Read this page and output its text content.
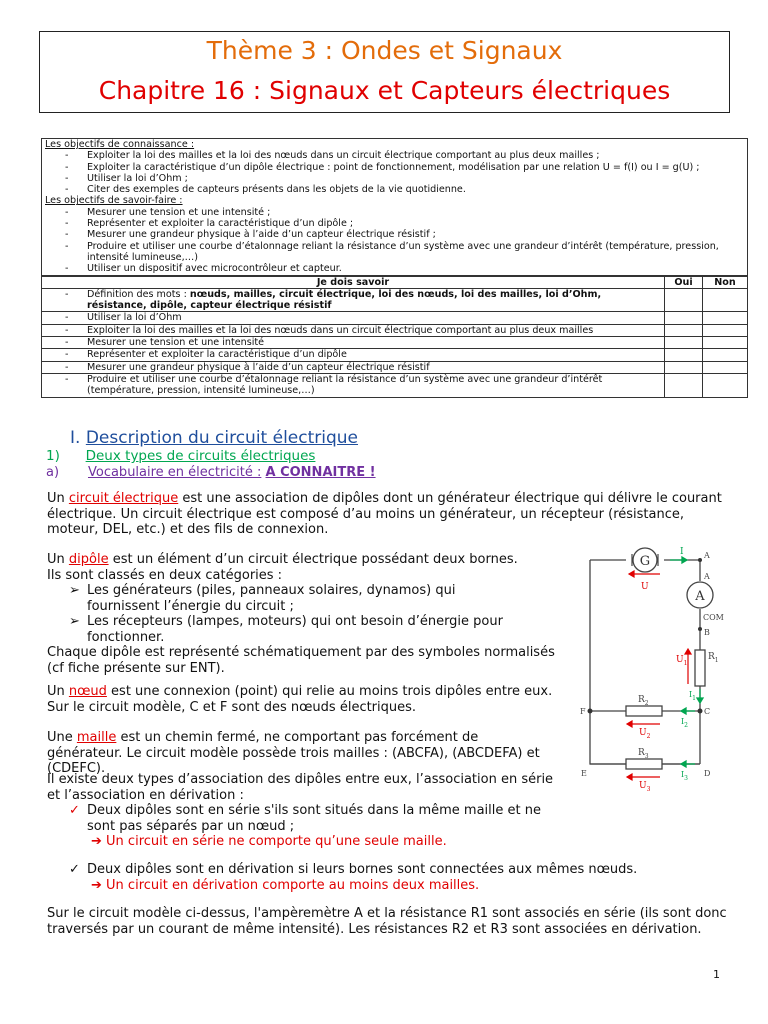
Thème 3 : Ondes et Signaux
Chapitre 16 : Signaux et Capteurs électriques
Les objectifs de connaissance :
-	Exploiter la loi des mailles et la loi des nœuds dans un circuit électrique comportant au plus deux mailles ;
-	Exploiter la caractéristique d’un dipôle électrique : point de fonctionnement, modélisation par une relation U = f(I) ou I = g(U) ;
-	Utiliser la loi d’Ohm ;
-	Citer des exemples de capteurs présents dans les objets de la vie quotidienne.
Les objectifs de savoir-faire :
-	Mesurer une tension et une intensité ;
-	Représenter et exploiter la caractéristique d’un dipôle ;
-	Mesurer une grandeur physique à l’aide d’un capteur électrique résistif ;
-	Produire et utiliser une courbe d’étalonnage reliant la résistance d’un système avec une grandeur d’intérêt (température, pression, intensité lumineuse,…)
-	Utiliser un dispositif avec microcontrôleur et capteur.
Je dois savoir	Oui	Non

- Définition des mots : nœuds, mailles, circuit électrique, loi des nœuds, loi des mailles, loi d’Ohm, résistance, dipôle, capteur électrique résistif		

- Utiliser la loi d’Ohm		

- Exploiter la loi des mailles et la loi des nœuds dans un circuit électrique comportant au plus deux mailles		

- Mesurer une tension et une intensité		

- Représenter et exploiter la caractéristique d’un dipôle		

- Mesurer une grandeur physique à l’aide d’un capteur électrique résistif		

- Produire et utiliser une courbe d’étalonnage reliant la résistance d’un système avec une grandeur d’intérêt (température, pression, intensité lumineuse,…)		

I. Description du circuit électrique
1) Deux types de circuits électriques
a) Vocabulaire en électricité : A CONNAITRE !
Un circuit électrique est une association de dipôles dont un générateur électrique qui délivre le courant électrique. Un circuit électrique est composé d’au moins un générateur, un récepteur (résistance, moteur, DEL, etc.) et des fils de connexion.
Un dipôle est un élément d’un circuit électrique possédant deux bornes.
Ils sont classés en deux catégories :
➢ Les générateurs (piles, panneaux solaires, dynamos) qui fournissent l’énergie du circuit ;
➢ Les récepteurs (lampes, moteurs) qui ont besoin d’énergie pour fonctionner.
Chaque dipôle est représenté schématiquement par des symboles normalisés (cf fiche présente sur ENT).
Un nœud est une connexion (point) qui relie au moins trois dipôles entre eux. Sur le circuit modèle, C et F sont des nœuds électriques.
Une maille est un chemin fermé, ne comportant pas forcément de générateur. Le circuit modèle possède trois mailles : (ABCFA), (ABCDEFA) et (CDEFC).
Il existe deux types d’association des dipôles entre eux, l’association en série et l’association en dérivation :
✓ Deux dipôles sont en série s'ils sont situés dans la même maille et ne sont pas séparés par un nœud ;
➔ Un circuit en série ne comporte qu’une seule maille.
✓ Deux dipôles sont en dérivation si leurs bornes sont connectées aux mêmes nœuds.
➔ Un circuit en dérivation comporte au moins deux mailles.
Sur le circuit modèle ci-dessus, l'ampèremètre A et la résistance R1 sont associés en série (ils sont donc traversés par un courant de même intensité). Les résistances R2 et R3 sont associées en dérivation.
1
G
A
I
U
A
A
COM
B
$U_1$
$R_1$
$I_1$
$R_2$
$U_2$
$I_2$
$R_3$
$U_3$
$I_3$
F	C
E	D
